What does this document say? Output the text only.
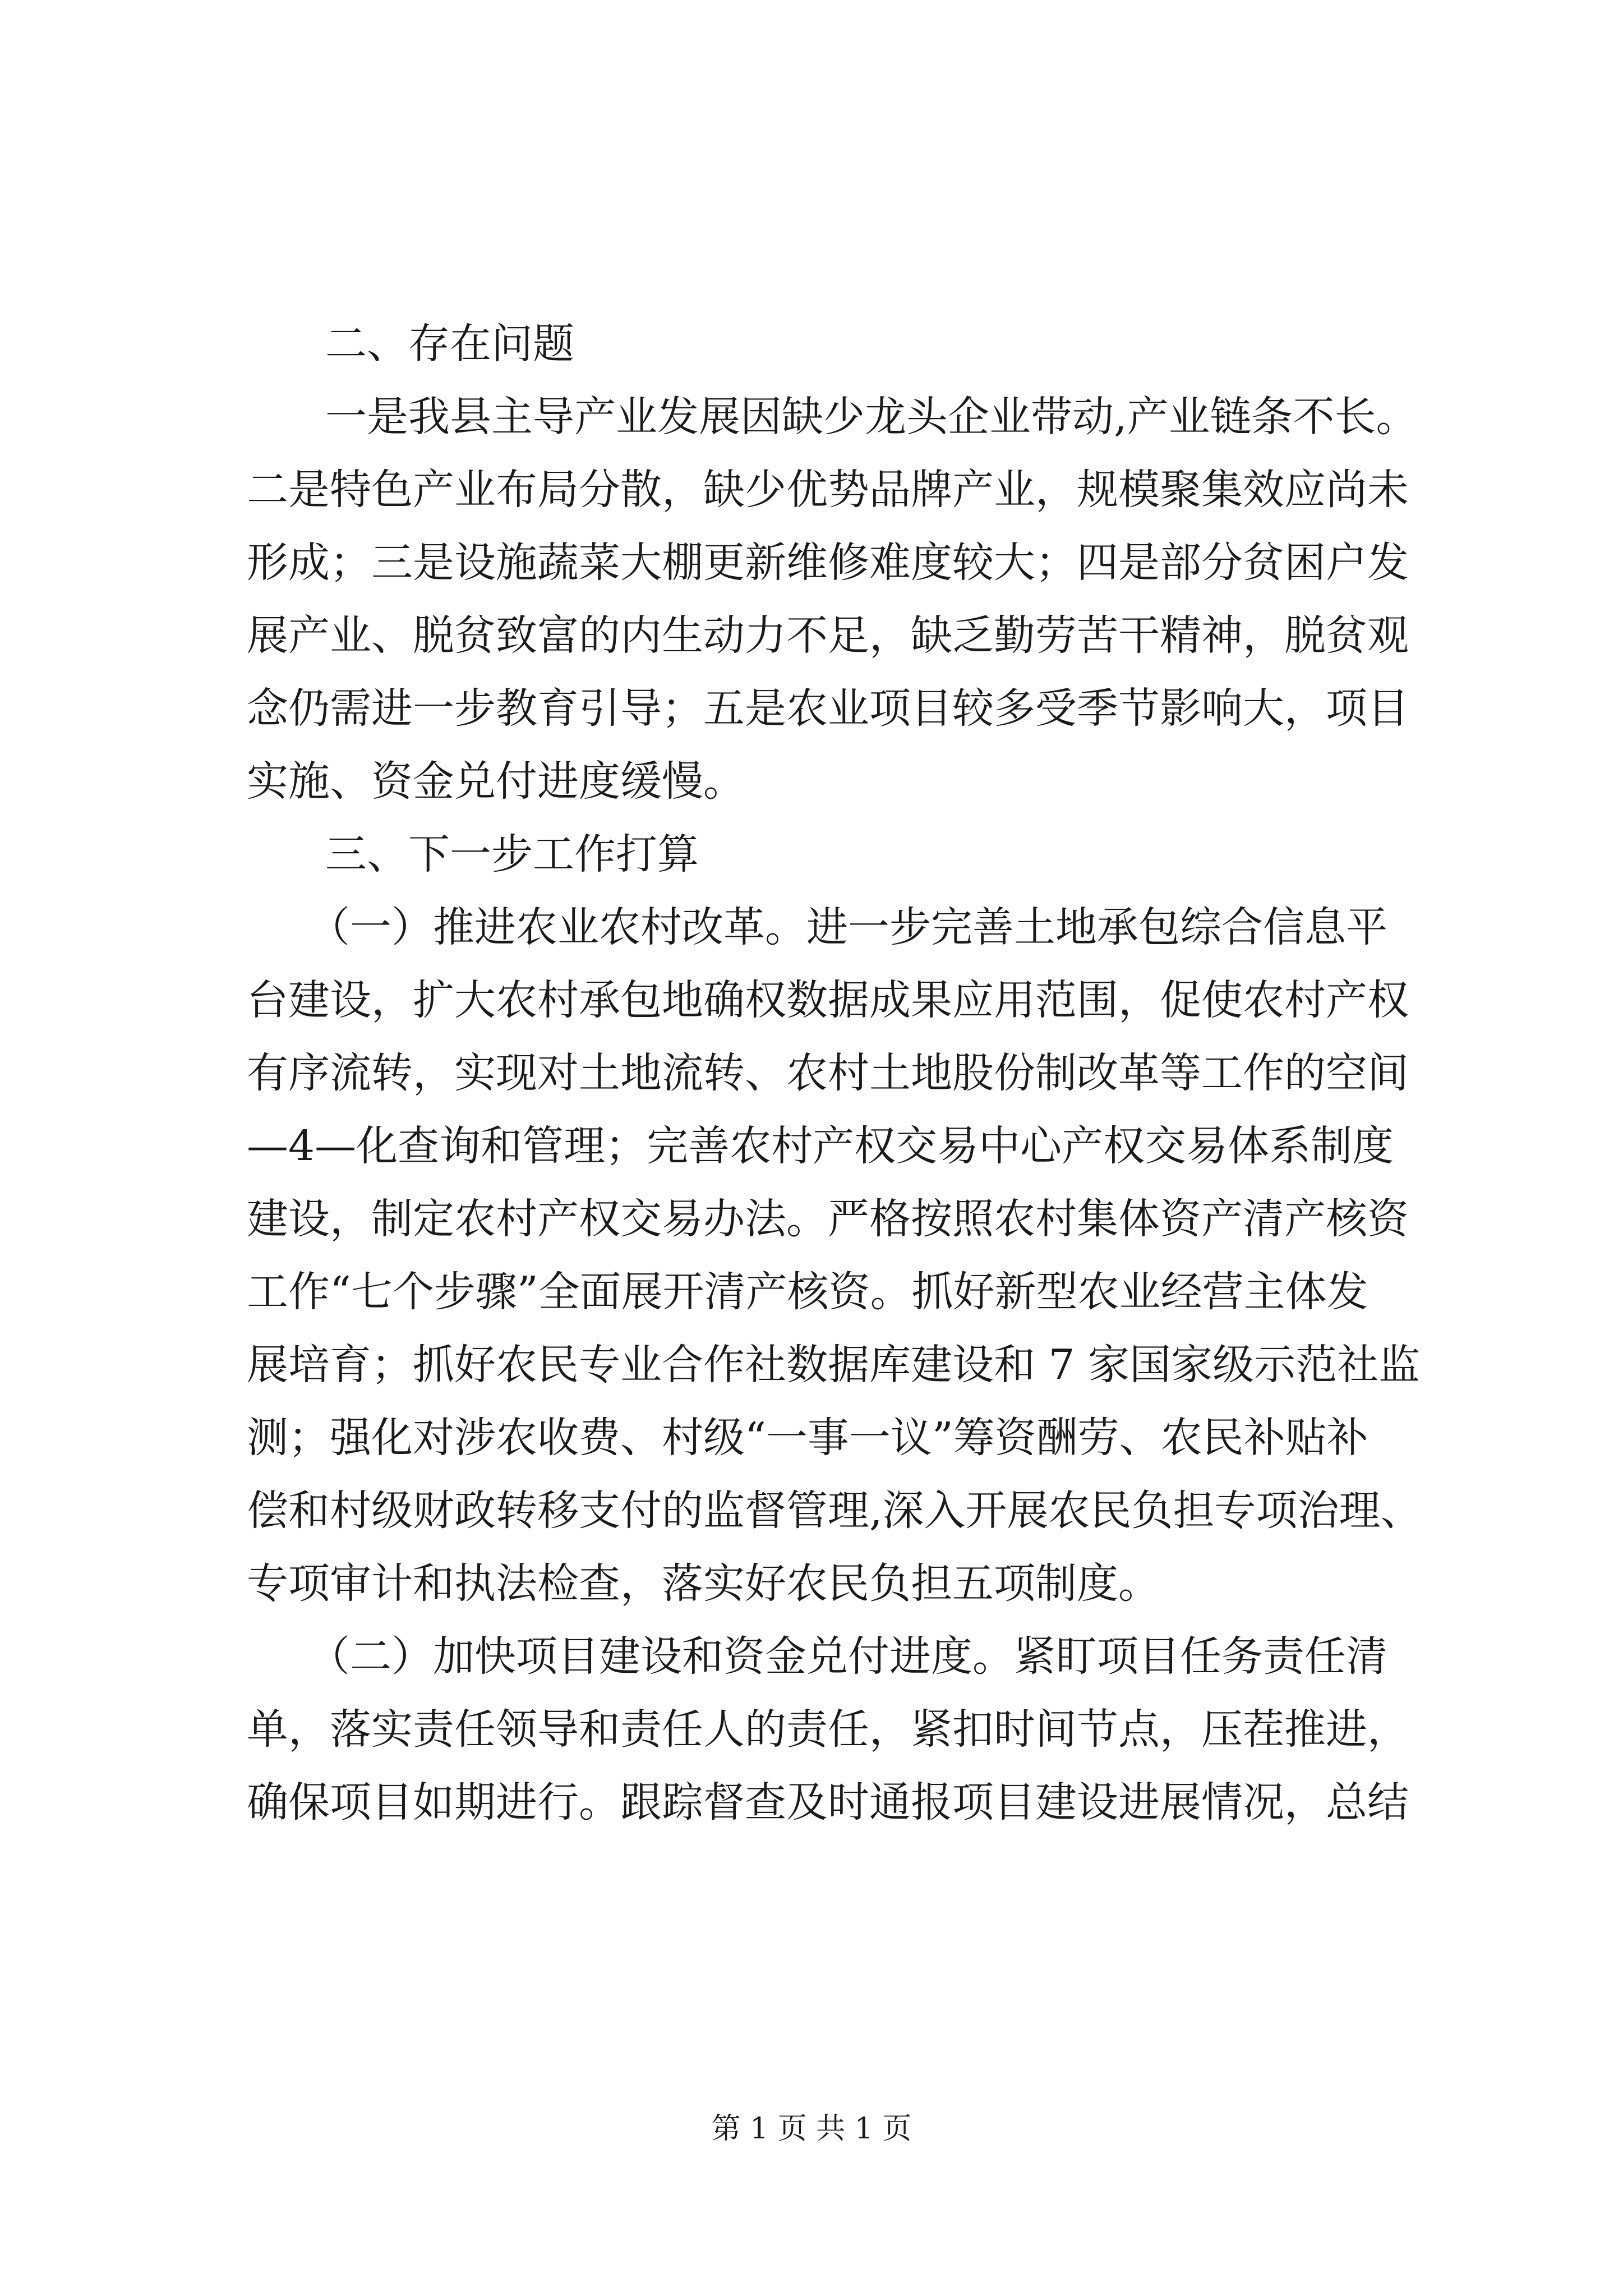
二、存在问题
一是我县主导产业发展因缺少龙头企业带动,产业链条不长。
二是特色产业布局分散，缺少优势品牌产业，规模聚集效应尚未
形成；三是设施蔬菜大棚更新维修难度较大；四是部分贫困户发
展产业、脱贫致富的内生动力不足，缺乏勤劳苦干精神，脱贫观
念仍需进一步教育引导；五是农业项目较多受季节影响大，项目
实施、资金兑付进度缓慢。
三、下一步工作打算
（一）推进农业农村改革。进一步完善土地承包综合信息平
台建设，扩大农村承包地确权数据成果应用范围，促使农村产权
有序流转，实现对土地流转、农村土地股份制改革等工作的空间
—4—化查询和管理；完善农村产权交易中心产权交易体系制度
建设，制定农村产权交易办法。严格按照农村集体资产清产核资
工作“七个步骤”全面展开清产核资。抓好新型农业经营主体发
展培育；抓好农民专业合作社数据库建设和 7 家国家级示范社监
测；强化对涉农收费、村级“一事一议”筹资酬劳、农民补贴补
偿和村级财政转移支付的监督管理,深入开展农民负担专项治理、
专项审计和执法检查，落实好农民负担五项制度。
（二）加快项目建设和资金兑付进度。紧盯项目任务责任清
单，落实责任领导和责任人的责任，紧扣时间节点，压茬推进，
确保项目如期进行。跟踪督查及时通报项目建设进展情况，总结
第 1 页 共 1 页
